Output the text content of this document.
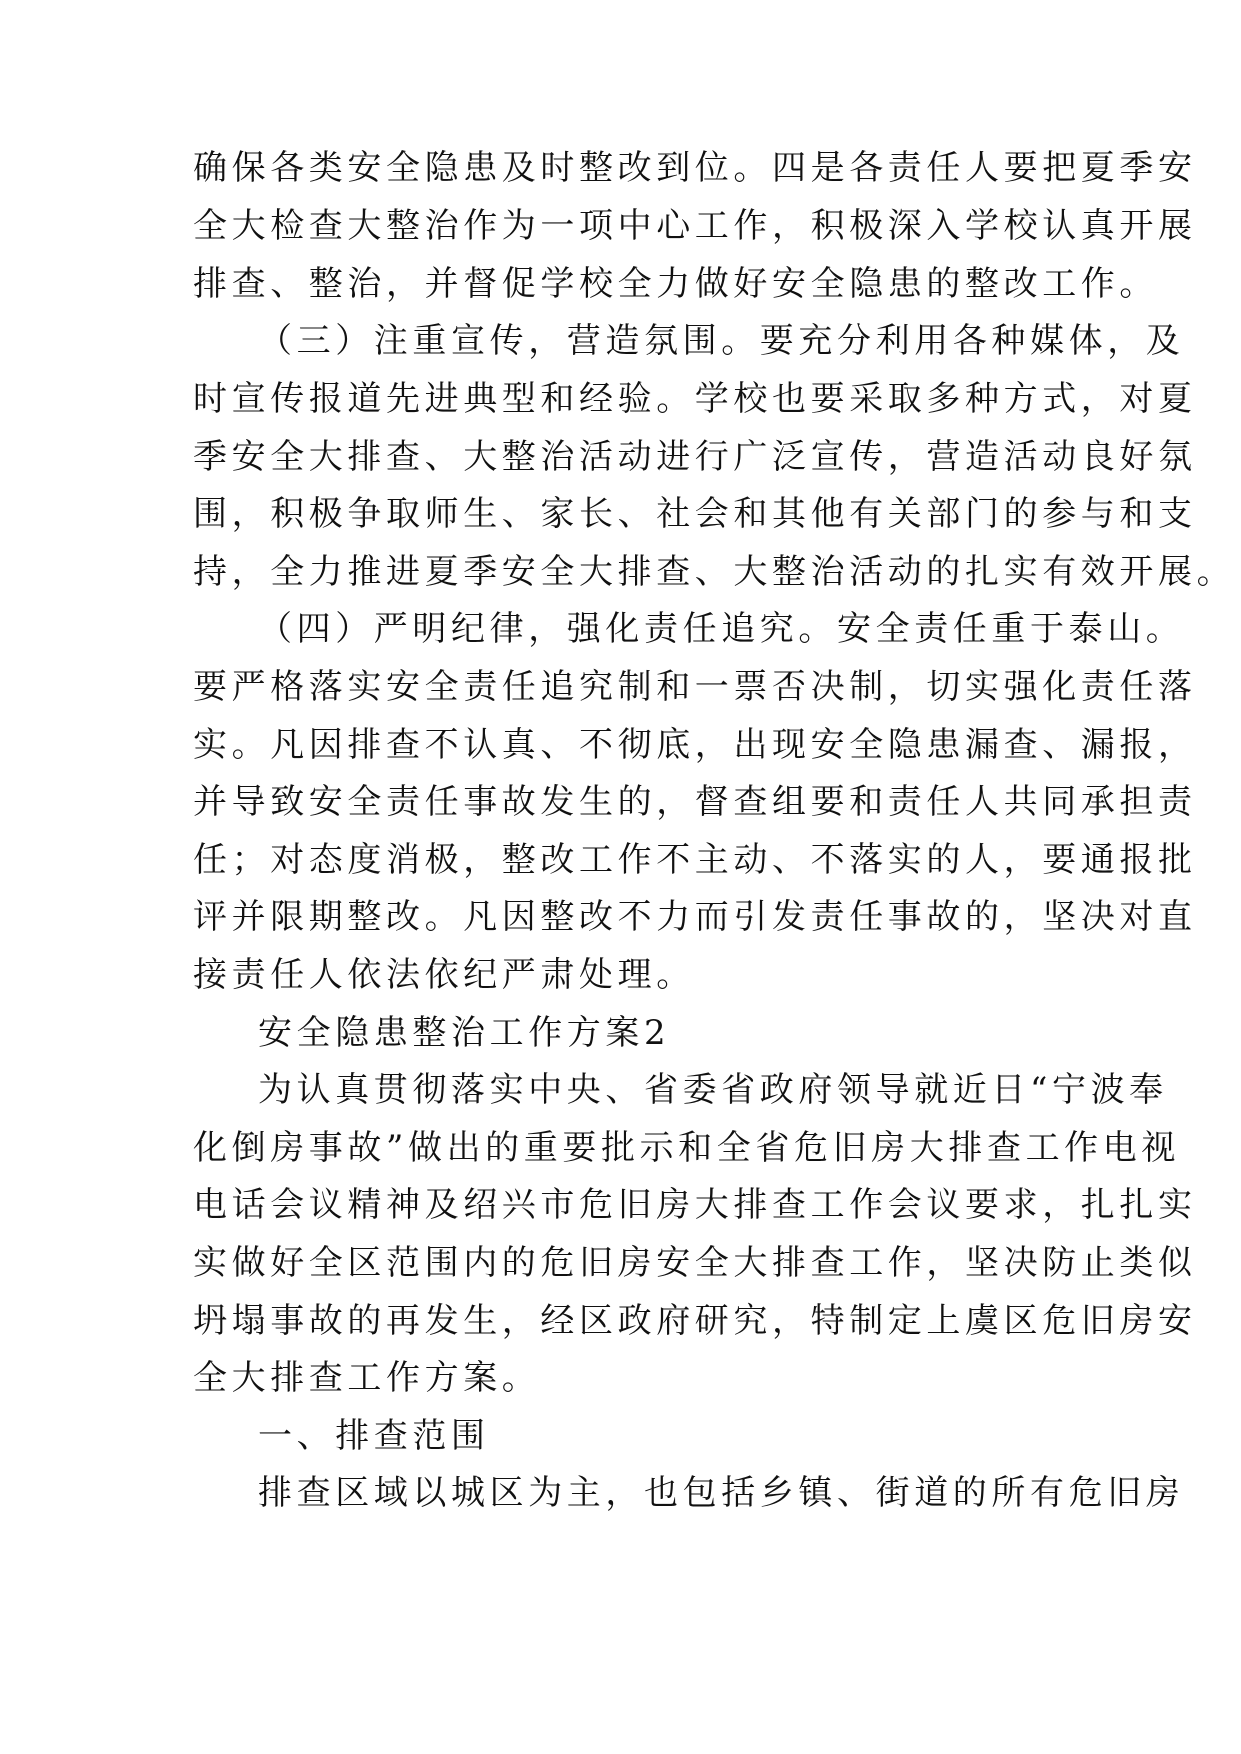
确保各类安全隐患及时整改到位。四是各责任人要把夏季安
全大检查大整治作为一项中心工作，积极深入学校认真开展
排查、整治，并督促学校全力做好安全隐患的整改工作。
（三）注重宣传，营造氛围。要充分利用各种媒体，及
时宣传报道先进典型和经验。学校也要采取多种方式，对夏
季安全大排查、大整治活动进行广泛宣传，营造活动良好氛
围，积极争取师生、家长、社会和其他有关部门的参与和支
持，全力推进夏季安全大排查、大整治活动的扎实有效开展。
（四）严明纪律，强化责任追究。安全责任重于泰山。
要严格落实安全责任追究制和一票否决制，切实强化责任落
实。凡因排查不认真、不彻底，出现安全隐患漏查、漏报，
并导致安全责任事故发生的，督查组要和责任人共同承担责
任；对态度消极，整改工作不主动、不落实的人，要通报批
评并限期整改。凡因整改不力而引发责任事故的，坚决对直
接责任人依法依纪严肃处理。
安全隐患整治工作方案2
为认真贯彻落实中央、省委省政府领导就近日“宁波奉
化倒房事故”做出的重要批示和全省危旧房大排查工作电视
电话会议精神及绍兴市危旧房大排查工作会议要求，扎扎实
实做好全区范围内的危旧房安全大排查工作，坚决防止类似
坍塌事故的再发生，经区政府研究，特制定上虞区危旧房安
全大排查工作方案。
一、排查范围
排查区域以城区为主，也包括乡镇、街道的所有危旧房
